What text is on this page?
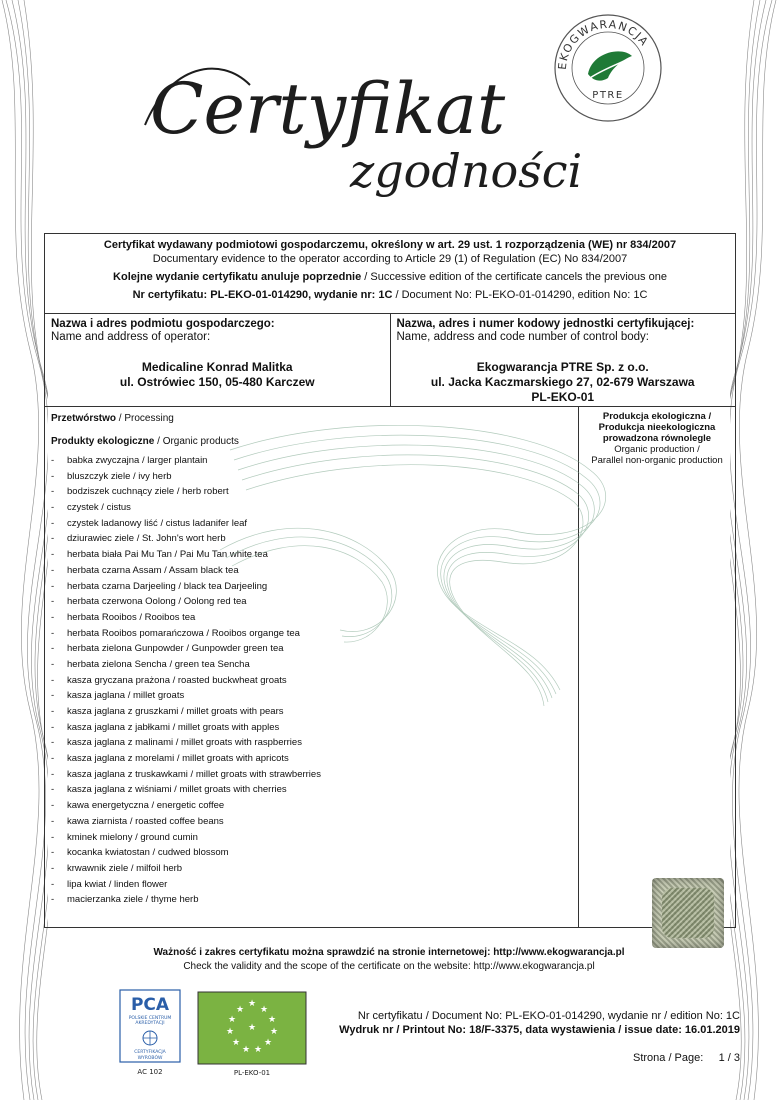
Certyfikat
zgodności
EKOGWARANCJA
PTRE
Certyfikat wydawany podmiotowi gospodarczemu, określony w art. 29 ust. 1 rozporządzenia (WE) nr 834/2007
Documentary evidence to the operator according to Article 29 (1) of Regulation (EC) No 834/2007
Kolejne wydanie certyfikatu anuluje poprzednie / Successive edition of the certificate cancels the previous one
Nr certyfikatu: PL-EKO-01-014290, wydanie nr: 1C / Document No: PL-EKO-01-014290, edition No: 1C
Nazwa i adres podmiotu gospodarczego:
Name and address of operator:
Medicaline Konrad Malitka
ul. Ostrówiec 150, 05-480 Karczew
Nazwa, adres i numer kodowy jednostki certyfikującej:
Name, address and code number of control body:
Ekogwarancja PTRE Sp. z o.o.
ul. Jacka Kaczmarskiego 27, 02-679 Warszawa
PL-EKO-01
Przetwórstwo / Processing
Produkty ekologiczne / Organic products
-	babka zwyczajna / larger plantain
-	bluszczyk ziele / ivy herb
-	bodziszek cuchnący ziele / herb robert
-	czystek / cistus
-	czystek ladanowy liść / cistus ladanifer leaf
-	dziurawiec ziele / St. John's wort herb
-	herbata biała Pai Mu Tan / Pai Mu Tan white tea
-	herbata czarna Assam / Assam black tea
-	herbata czarna Darjeeling / black tea Darjeeling
-	herbata czerwona Oolong / Oolong red tea
-	herbata Rooibos / Rooibos tea
-	herbata Rooibos pomarańczowa / Rooibos organge tea
-	herbata zielona Gunpowder / Gunpowder green tea
-	herbata zielona Sencha / green tea Sencha
-	kasza gryczana prażona / roasted buckwheat groats
-	kasza jaglana / millet groats
-	kasza jaglana z gruszkami / millet groats with pears
-	kasza jaglana z jabłkami / millet groats with apples
-	kasza jaglana z malinami / millet groats with raspberries
-	kasza jaglana z morelami / millet groats with apricots
-	kasza jaglana z truskawkami / millet groats with strawberries
-	kasza jaglana z wiśniami / millet groats with cherries
-	kawa energetyczna / energetic coffee
-	kawa ziarnista / roasted coffee beans
-	kminek mielony / ground cumin
-	kocanka kwiatostan / cudwed blossom
-	krwawnik ziele / milfoil herb
-	lipa kwiat / linden flower
-	macierzanka ziele / thyme herb
Produkcja ekologiczna /
Produkcja nieekologiczna
prowadzona równolegle
Organic production /
Parallel non-organic production
Ważność i zakres certyfikatu można sprawdzić na stronie internetowej: http://www.ekogwarancja.pl
Check the validity and the scope of the certificate on the website: http://www.ekogwarancja.pl
PCA
POLSKIE CENTRUM
AKREDYTACJI
CERTYFIKACJA
WYROBÓW
AC 102
★
★ ★
★	★
★	★
★	★
★ ★
★
PL-EKO-01
Nr certyfikatu / Document No: PL-EKO-01-014290, wydanie nr / edition No: 1C
Wydruk nr / Printout No: 18/F-3375, data wystawienia / issue date: 16.01.2019
Strona / Page: 1 / 3
